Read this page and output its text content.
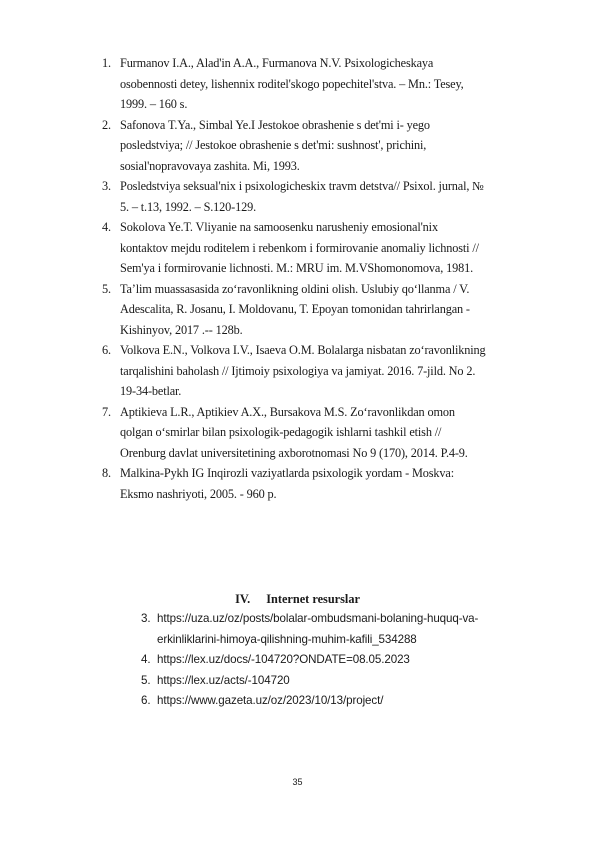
1. Furmanov I.A., Alad'in A.A., Furmanova N.V. Psixologicheskaya
osobennosti detey, lishennix roditel'skogo popechitel'stva. – Mn.: Tesey,
1999. – 160 s.
2. Safonova T.Ya., Simbal Ye.I Jestokoe obrashenie s det'mi i- yego
posledstviya; // Jestokoe obrashenie s det'mi: sushnost', prichini,
sosial'nopravovaya zashita. Mi, 1993.
3. Posledstviya seksual'nix i psixologicheskix travm detstva// Psixol. jurnal, №
5. – t.13, 1992. – S.120-129.
4. Sokolova Ye.T. Vliyanie na samoosenku narusheniy emosional'nix
kontaktov mejdu roditelem i rebenkom i formirovanie anomaliy lichnosti //
Sem'ya i formirovanie lichnosti. M.: MRU im. M.VShomonomova, 1981.
5. Ta’lim muassasasida zo‘ravonlikning oldini olish. Uslubiy qo‘llanma / V.
Adescalita, R. Josanu, I. Moldovanu, T. Epoyan tomonidan tahrirlangan -
Kishinyov, 2017 .-- 128b.
6. Volkova E.N., Volkova I.V., Isaeva O.M. Bolalarga nisbatan zo‘ravonlikning
tarqalishini baholash // Ijtimoiy psixologiya va jamiyat. 2016. 7-jild. No 2.
19-34-betlar.
7. Aptikieva L.R., Aptikiev A.X., Bursakova M.S. Zo‘ravonlikdan omon
qolgan o‘smirlar bilan psixologik-pedagogik ishlarni tashkil etish //
Orenburg davlat universitetining axborotnomasi No 9 (170), 2014. P.4-9.
8. Malkina-Pykh IG Inqirozli vaziyatlarda psixologik yordam - Moskva:
Eksmo nashriyoti, 2005. - 960 p.
IV. Internet resurslar
3. https://uza.uz/oz/posts/bolalar-ombudsmani-bolaning-huquq-va-
erkinliklarini-himoya-qilishning-muhim-kafili_534288
4. https://lex.uz/docs/-104720?ONDATE=08.05.2023
5. https://lex.uz/acts/-104720
6. https://www.gazeta.uz/oz/2023/10/13/project/
35
